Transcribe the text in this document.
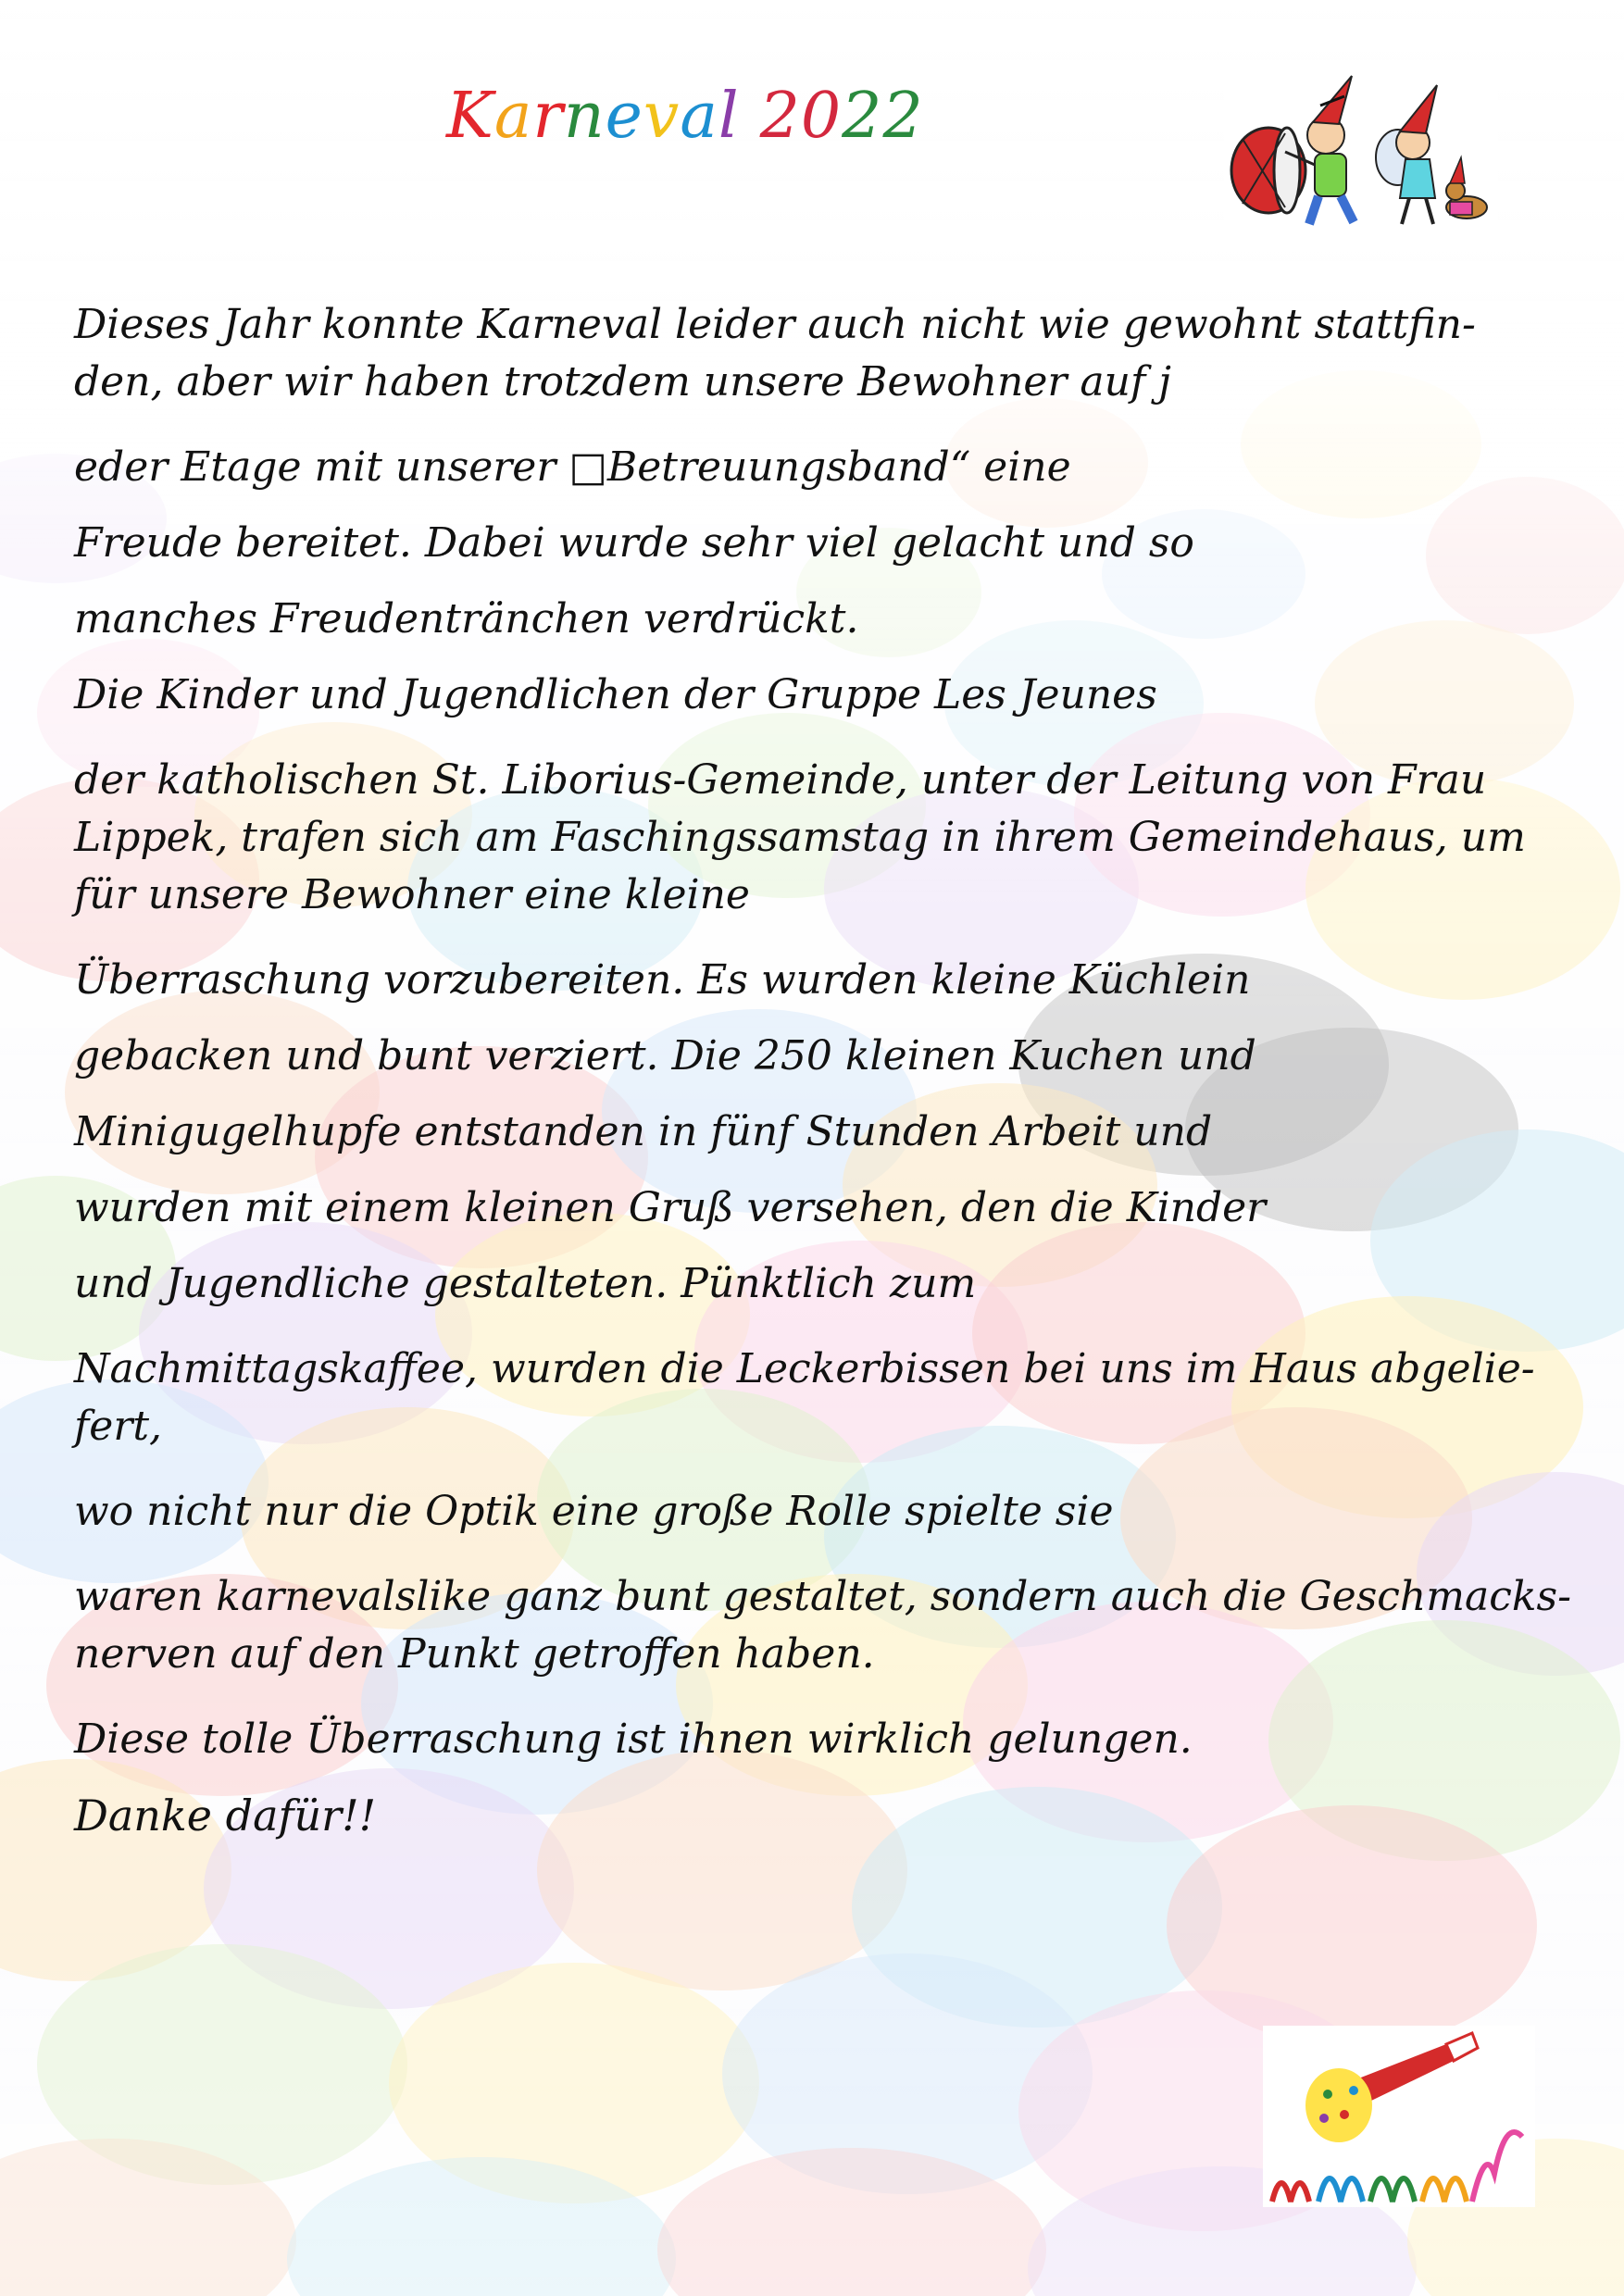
Karneval 2022
Dieses Jahr konnte Karneval leider auch nicht wie gewohnt stattfin-
den, aber wir haben trotzdem unsere Bewohner auf j
eder Etage mit unserer □Betreuungsband“ eine
Freude bereitet. Dabei wurde sehr viel gelacht und so
manches Freudentränchen verdrückt.
Die Kinder und Jugendlichen der Gruppe Les Jeunes
der katholischen St. Liborius-Gemeinde, unter der Leitung von Frau
Lippek, trafen sich am Faschingssamstag in ihrem Gemeindehaus, um
für unsere Bewohner eine kleine
Überraschung vorzubereiten. Es wurden kleine Küchlein
gebacken und bunt verziert. Die 250 kleinen Kuchen und
Minigugelhupfe entstanden in fünf Stunden Arbeit und
wurden mit einem kleinen Gruß versehen, den die Kinder
und Jugendliche gestalteten. Pünktlich zum
Nachmittagskaffee, wurden die Leckerbissen bei uns im Haus abgelie-
fert,
wo nicht nur die Optik eine große Rolle spielte sie
waren karnevalslike ganz bunt gestaltet, sondern auch die Geschmacks-
nerven auf den Punkt getroffen haben.
Diese tolle Überraschung ist ihnen wirklich gelungen.
Danke dafür!!
